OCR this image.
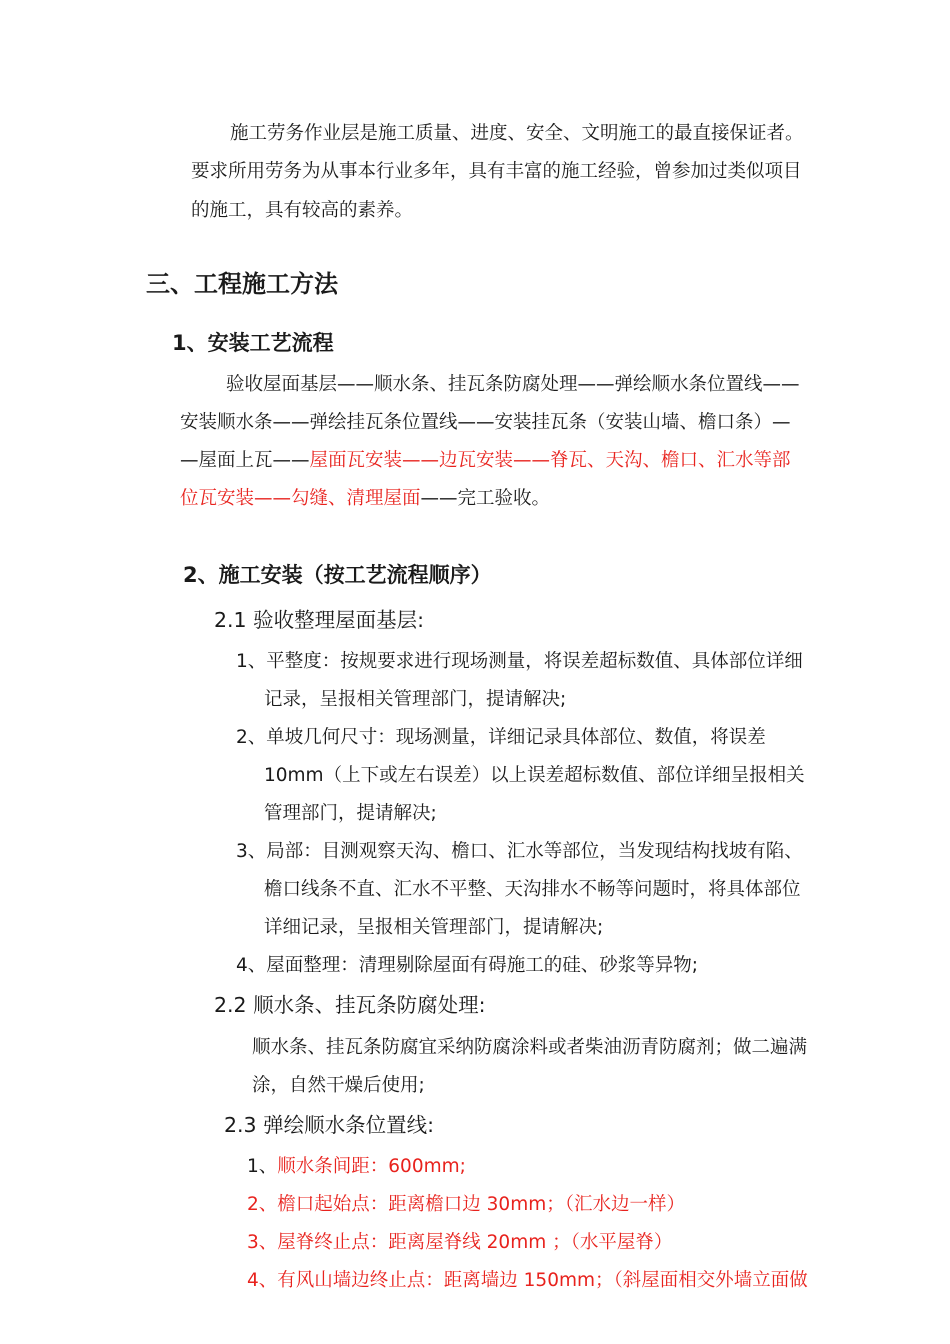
施工劳务作业层是施工质量、进度、安全、文明施工的最直接保证者。
要求所用劳务为从事本行业多年，具有丰富的施工经验，曾参加过类似项目
的施工，具有较高的素养。
三、工程施工方法
1、安装工艺流程
验收屋面基层——顺水条、挂瓦条防腐处理——弹绘顺水条位置线——
安装顺水条——弹绘挂瓦条位置线——安装挂瓦条（安装山墙、檐口条）—
—屋面上瓦——屋面瓦安装——边瓦安装——脊瓦、天沟、檐口、汇水等部
位瓦安装——勾缝、清理屋面——完工验收。
2、施工安装（按工艺流程顺序）
2.1 验收整理屋面基层:
1、平整度：按规要求进行现场测量，将误差超标数值、具体部位详细
记录，呈报相关管理部门，提请解决;
2、单坡几何尺寸：现场测量，详细记录具体部位、数值，将误差
10mm（上下或左右误差）以上误差超标数值、部位详细呈报相关
管理部门，提请解决;
3、局部：目测观察天沟、檐口、汇水等部位，当发现结构找坡有陷、
檐口线条不直、汇水不平整、天沟排水不畅等问题时，将具体部位
详细记录，呈报相关管理部门，提请解决;
4、屋面整理：清理剔除屋面有碍施工的硅、砂浆等异物;
2.2 顺水条、挂瓦条防腐处理:
顺水条、挂瓦条防腐宜采纳防腐涂料或者柴油沥青防腐剂；做二遍满
涂，自然干燥后使用;
2.3 弹绘顺水条位置线:
1、顺水条间距：600mm;
2、檐口起始点：距离檐口边 30mm；（汇水边一样）
3、屋脊终止点：距离屋脊线 20mm ；（水平屋脊）
4、有风山墙边终止点：距离墙边 150mm；（斜屋面相交外墙立面做
